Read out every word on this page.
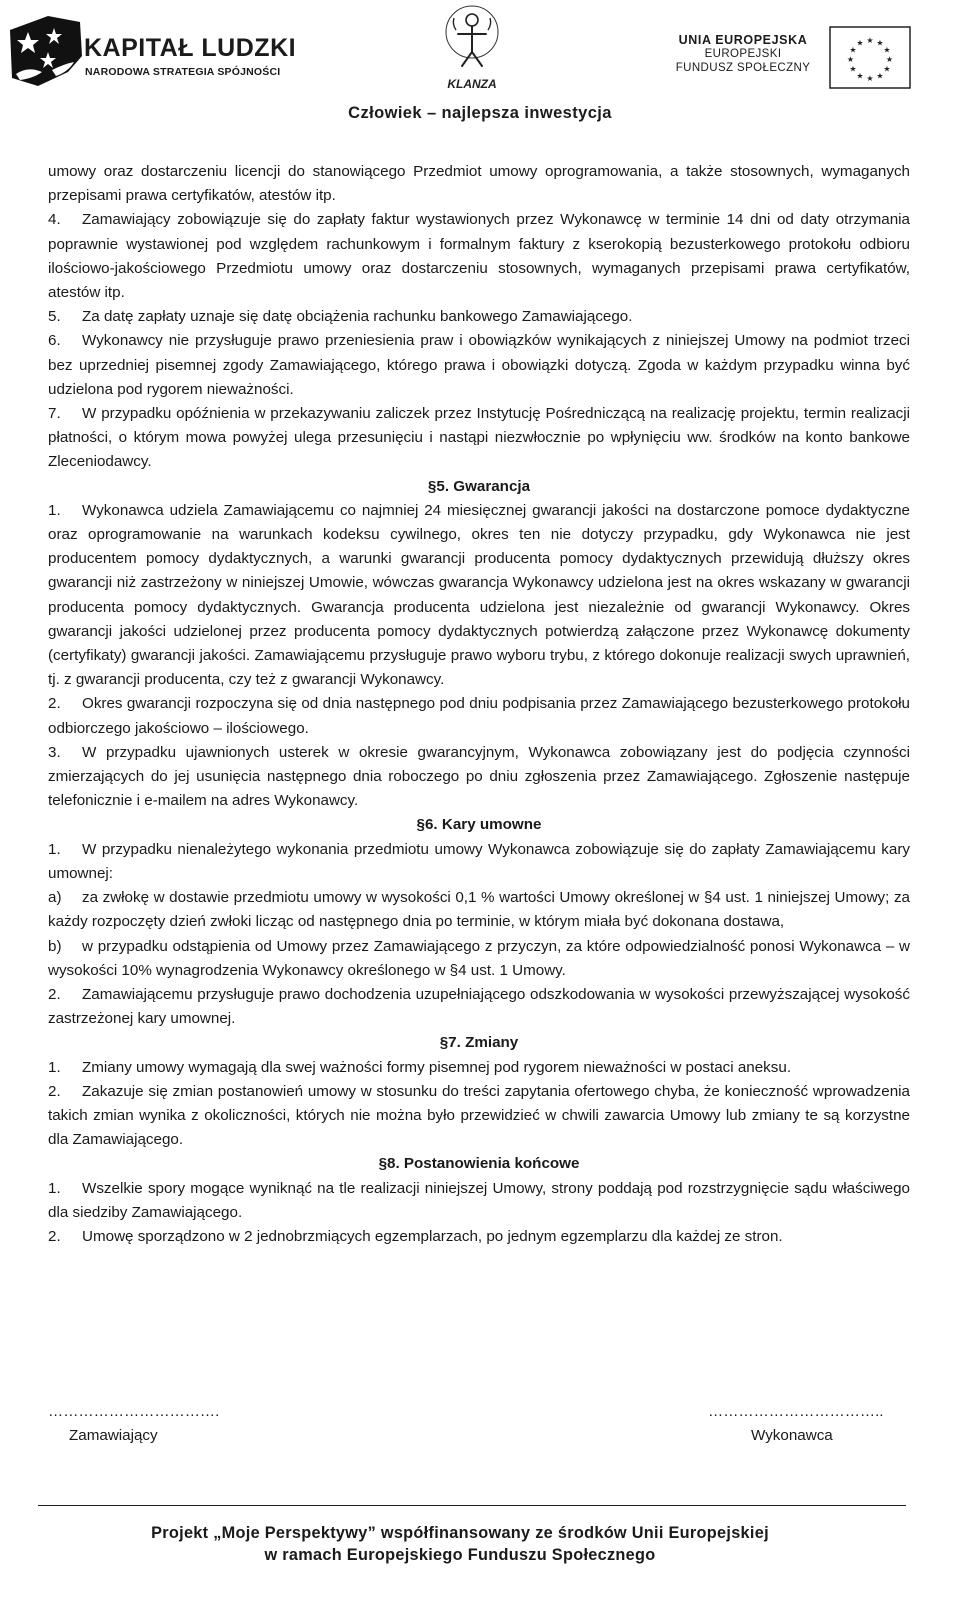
KAPITAŁ LUDZKI
NARODOWA STRATEGIA SPÓJNOŚCI
KLANZA
UNIA EUROPEJSKA
EUROPEJSKI
FUNDUSZ SPOŁECZNY
★ ★
★
★
★
★
★
★
★
★
★
★
Człowiek – najlepsza inwestycja

umowy oraz dostarczeniu licencji do stanowiącego Przedmiot umowy oprogramowania, a także stosownych, wymaganych przepisami prawa certyfikatów, atestów itp.

4. Zamawiający zobowiązuje się do zapłaty faktur wystawionych przez Wykonawcę w terminie 14 dni od daty otrzymania poprawnie wystawionej pod względem rachunkowym i formalnym faktury z kserokopią bezusterkowego protokołu odbioru ilościowo-jakościowego Przedmiotu umowy oraz dostarczeniu stosownych, wymaganych przepisami prawa certyfikatów, atestów itp.

5. Za datę zapłaty uznaje się datę obciążenia rachunku bankowego Zamawiającego.

6. Wykonawcy nie przysługuje prawo przeniesienia praw i obowiązków wynikających z niniejszej Umowy na podmiot trzeci bez uprzedniej pisemnej zgody Zamawiającego, którego prawa i obowiązki dotyczą. Zgoda w każdym przypadku winna być udzielona pod rygorem nieważności.

7. W przypadku opóźnienia w przekazywaniu zaliczek przez Instytucję Pośredniczącą na realizację projektu, termin realizacji płatności, o którym mowa powyżej ulega przesunięciu i nastąpi niezwłocznie po wpłynięciu ww. środków na konto bankowe Zleceniodawcy.

§5. Gwarancja

1. Wykonawca udziela Zamawiającemu co najmniej 24 miesięcznej gwarancji jakości na dostarczone pomoce dydaktyczne oraz oprogramowanie na warunkach kodeksu cywilnego, okres ten nie dotyczy przypadku, gdy Wykonawca nie jest producentem pomocy dydaktycznych, a warunki gwarancji producenta pomocy dydaktycznych przewidują dłuższy okres gwarancji niż zastrzeżony w niniejszej Umowie, wówczas gwarancja Wykonawcy udzielona jest na okres wskazany w gwarancji producenta pomocy dydaktycznych. Gwarancja producenta udzielona jest niezależnie od gwarancji Wykonawcy. Okres gwarancji jakości udzielonej przez producenta pomocy dydaktycznych potwierdzą załączone przez Wykonawcę dokumenty (certyfikaty) gwarancji jakości. Zamawiającemu przysługuje prawo wyboru trybu, z którego dokonuje realizacji swych uprawnień, tj. z gwarancji producenta, czy też z gwarancji Wykonawcy.

2. Okres gwarancji rozpoczyna się od dnia następnego pod dniu podpisania przez Zamawiającego bezusterkowego protokołu odbiorczego jakościowo – ilościowego.

3. W przypadku ujawnionych usterek w okresie gwarancyjnym, Wykonawca zobowiązany jest do podjęcia czynności zmierzających do jej usunięcia następnego dnia roboczego po dniu zgłoszenia przez Zamawiającego. Zgłoszenie następuje telefonicznie i e-mailem na adres Wykonawcy.

§6. Kary umowne

1. W przypadku nienależytego wykonania przedmiotu umowy Wykonawca zobowiązuje się do zapłaty Zamawiającemu kary umownej:

a) za zwłokę w dostawie przedmiotu umowy w wysokości 0,1 % wartości Umowy określonej w §4 ust. 1 niniejszej Umowy; za każdy rozpoczęty dzień zwłoki licząc od następnego dnia po terminie, w którym miała być dokonana dostawa,

b) w przypadku odstąpienia od Umowy przez Zamawiającego z przyczyn, za które odpowiedzialność ponosi Wykonawca – w wysokości 10% wynagrodzenia Wykonawcy określonego w §4 ust. 1 Umowy.

2. Zamawiającemu przysługuje prawo dochodzenia uzupełniającego odszkodowania w wysokości przewyższającej wysokość zastrzeżonej kary umownej.

§7. Zmiany

1. Zmiany umowy wymagają dla swej ważności formy pisemnej pod rygorem nieważności w postaci aneksu.

2. Zakazuje się zmian postanowień umowy w stosunku do treści zapytania ofertowego chyba, że konieczność wprowadzenia takich zmian wynika z okoliczności, których nie można było przewidzieć w chwili zawarcia Umowy lub zmiany te są korzystne dla Zamawiającego.

§8. Postanowienia końcowe

1. Wszelkie spory mogące wyniknąć na tle realizacji niniejszej Umowy, strony poddają pod rozstrzygnięcie sądu właściwego dla siedziby Zamawiającego.

2. Umowę sporządzono w 2 jednobrzmiących egzemplarzach, po jednym egzemplarzu dla każdej ze stron.

…………………………….
Zamawiający
……………………………..
Wykonawca
Projekt „Moje Perspektywy” współfinansowany ze środków Unii Europejskiej
w ramach Europejskiego Funduszu Społecznego
